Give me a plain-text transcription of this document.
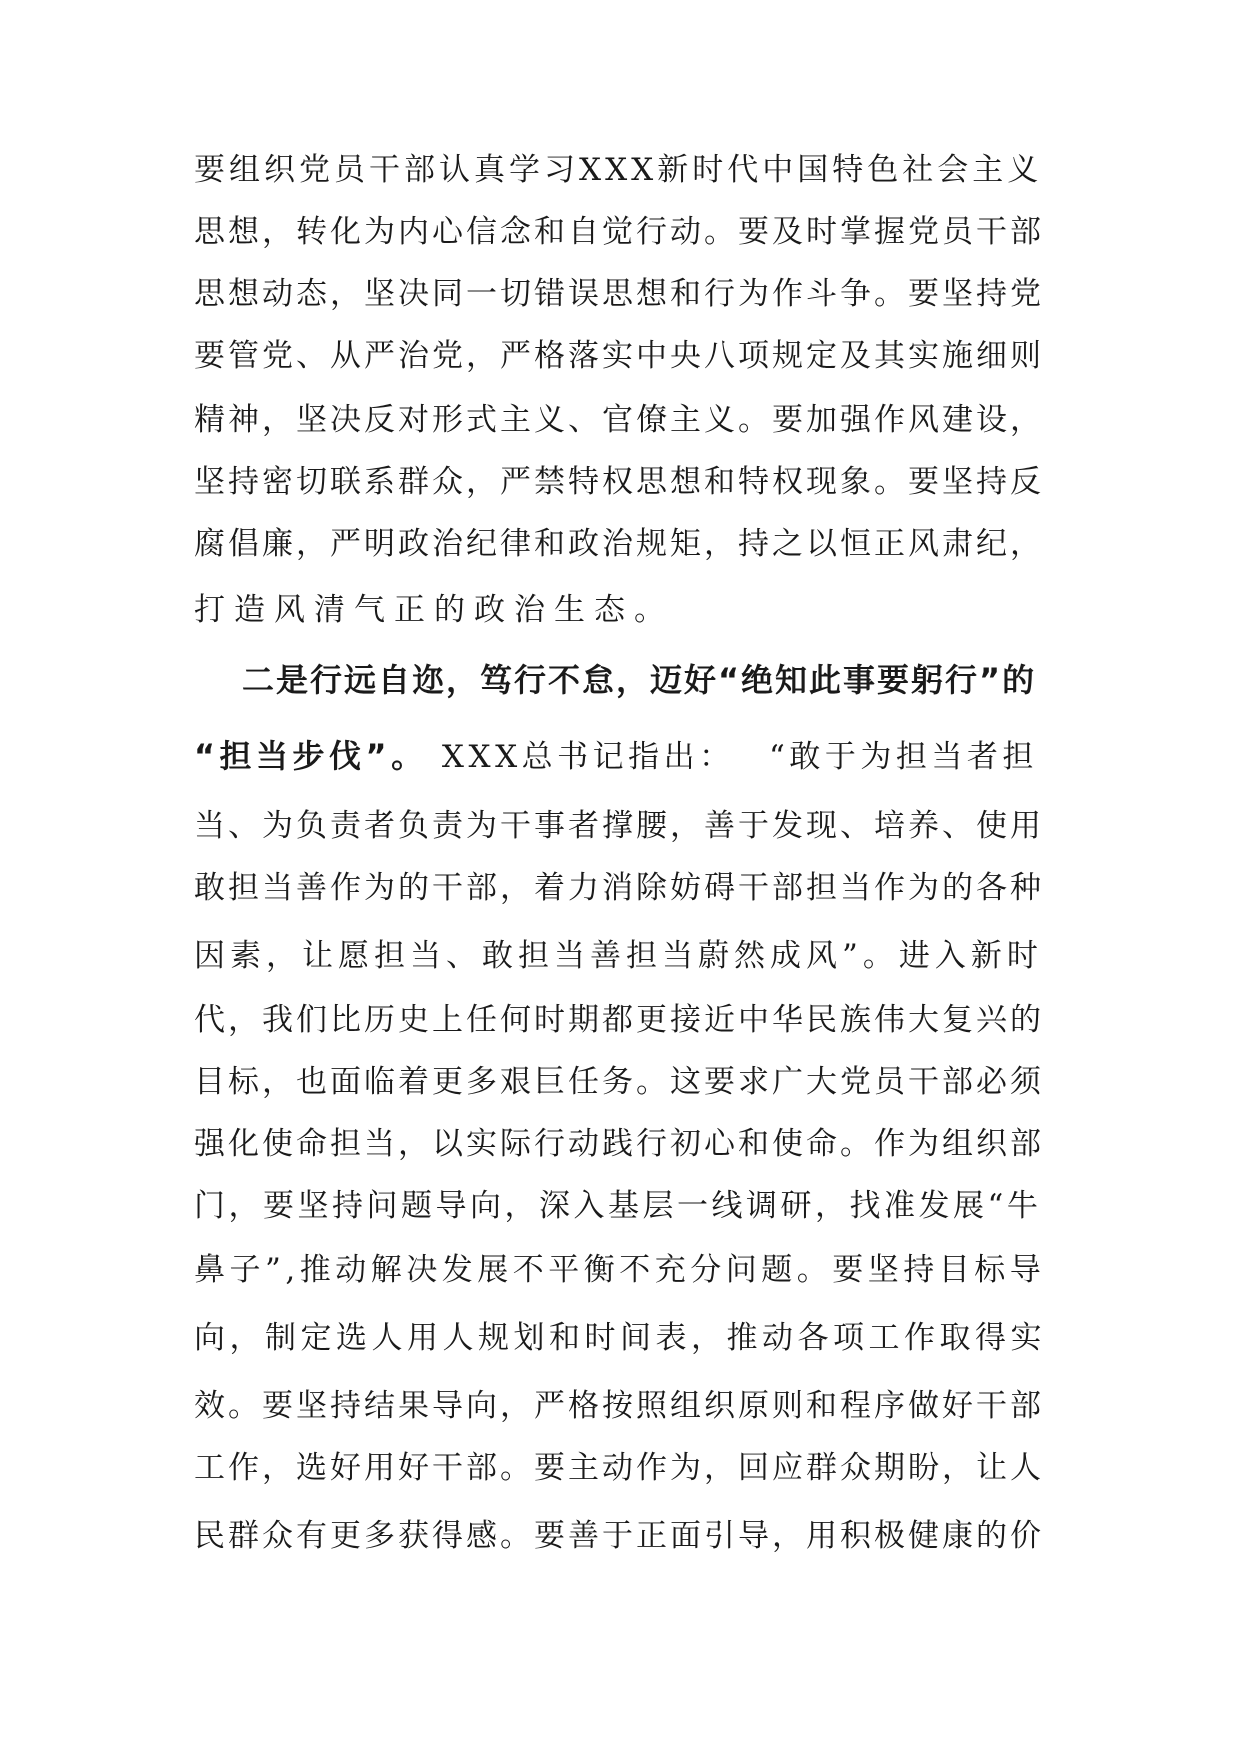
要组织党员干部认真学习XXX新时代中国特色社会主义
思想，转化为内心信念和自觉行动。要及时掌握党员干部
思想动态，坚决同一切错误思想和行为作斗争。要坚持党
要管党、从严治党，严格落实中央八项规定及其实施细则
精神，坚决反对形式主义、官僚主义。要加强作风建设，
坚持密切联系群众，严禁特权思想和特权现象。要坚持反
腐倡廉，严明政治纪律和政治规矩，持之以恒正风肃纪，
打造风清气正的政治生态。
二是行远自迩，笃行不怠，迈好“绝知此事要躬行”的
“担当步伐”。 XXX总书记指出：　 “敢于为担当者担
当、为负责者负责为干事者撑腰，善于发现、培养、使用
敢担当善作为的干部，着力消除妨碍干部担当作为的各种
因素，让愿担当、敢担当善担当蔚然成风”。进入新时
代，我们比历史上任何时期都更接近中华民族伟大复兴的
目标，也面临着更多艰巨任务。这要求广大党员干部必须
强化使命担当，以实际行动践行初心和使命。作为组织部
门，要坚持问题导向，深入基层一线调研，找准发展“牛
鼻子”,推动解决发展不平衡不充分问题。要坚持目标导
向，制定选人用人规划和时间表，推动各项工作取得实
效。要坚持结果导向，严格按照组织原则和程序做好干部
工作，选好用好干部。要主动作为，回应群众期盼，让人
民群众有更多获得感。要善于正面引导，用积极健康的价
